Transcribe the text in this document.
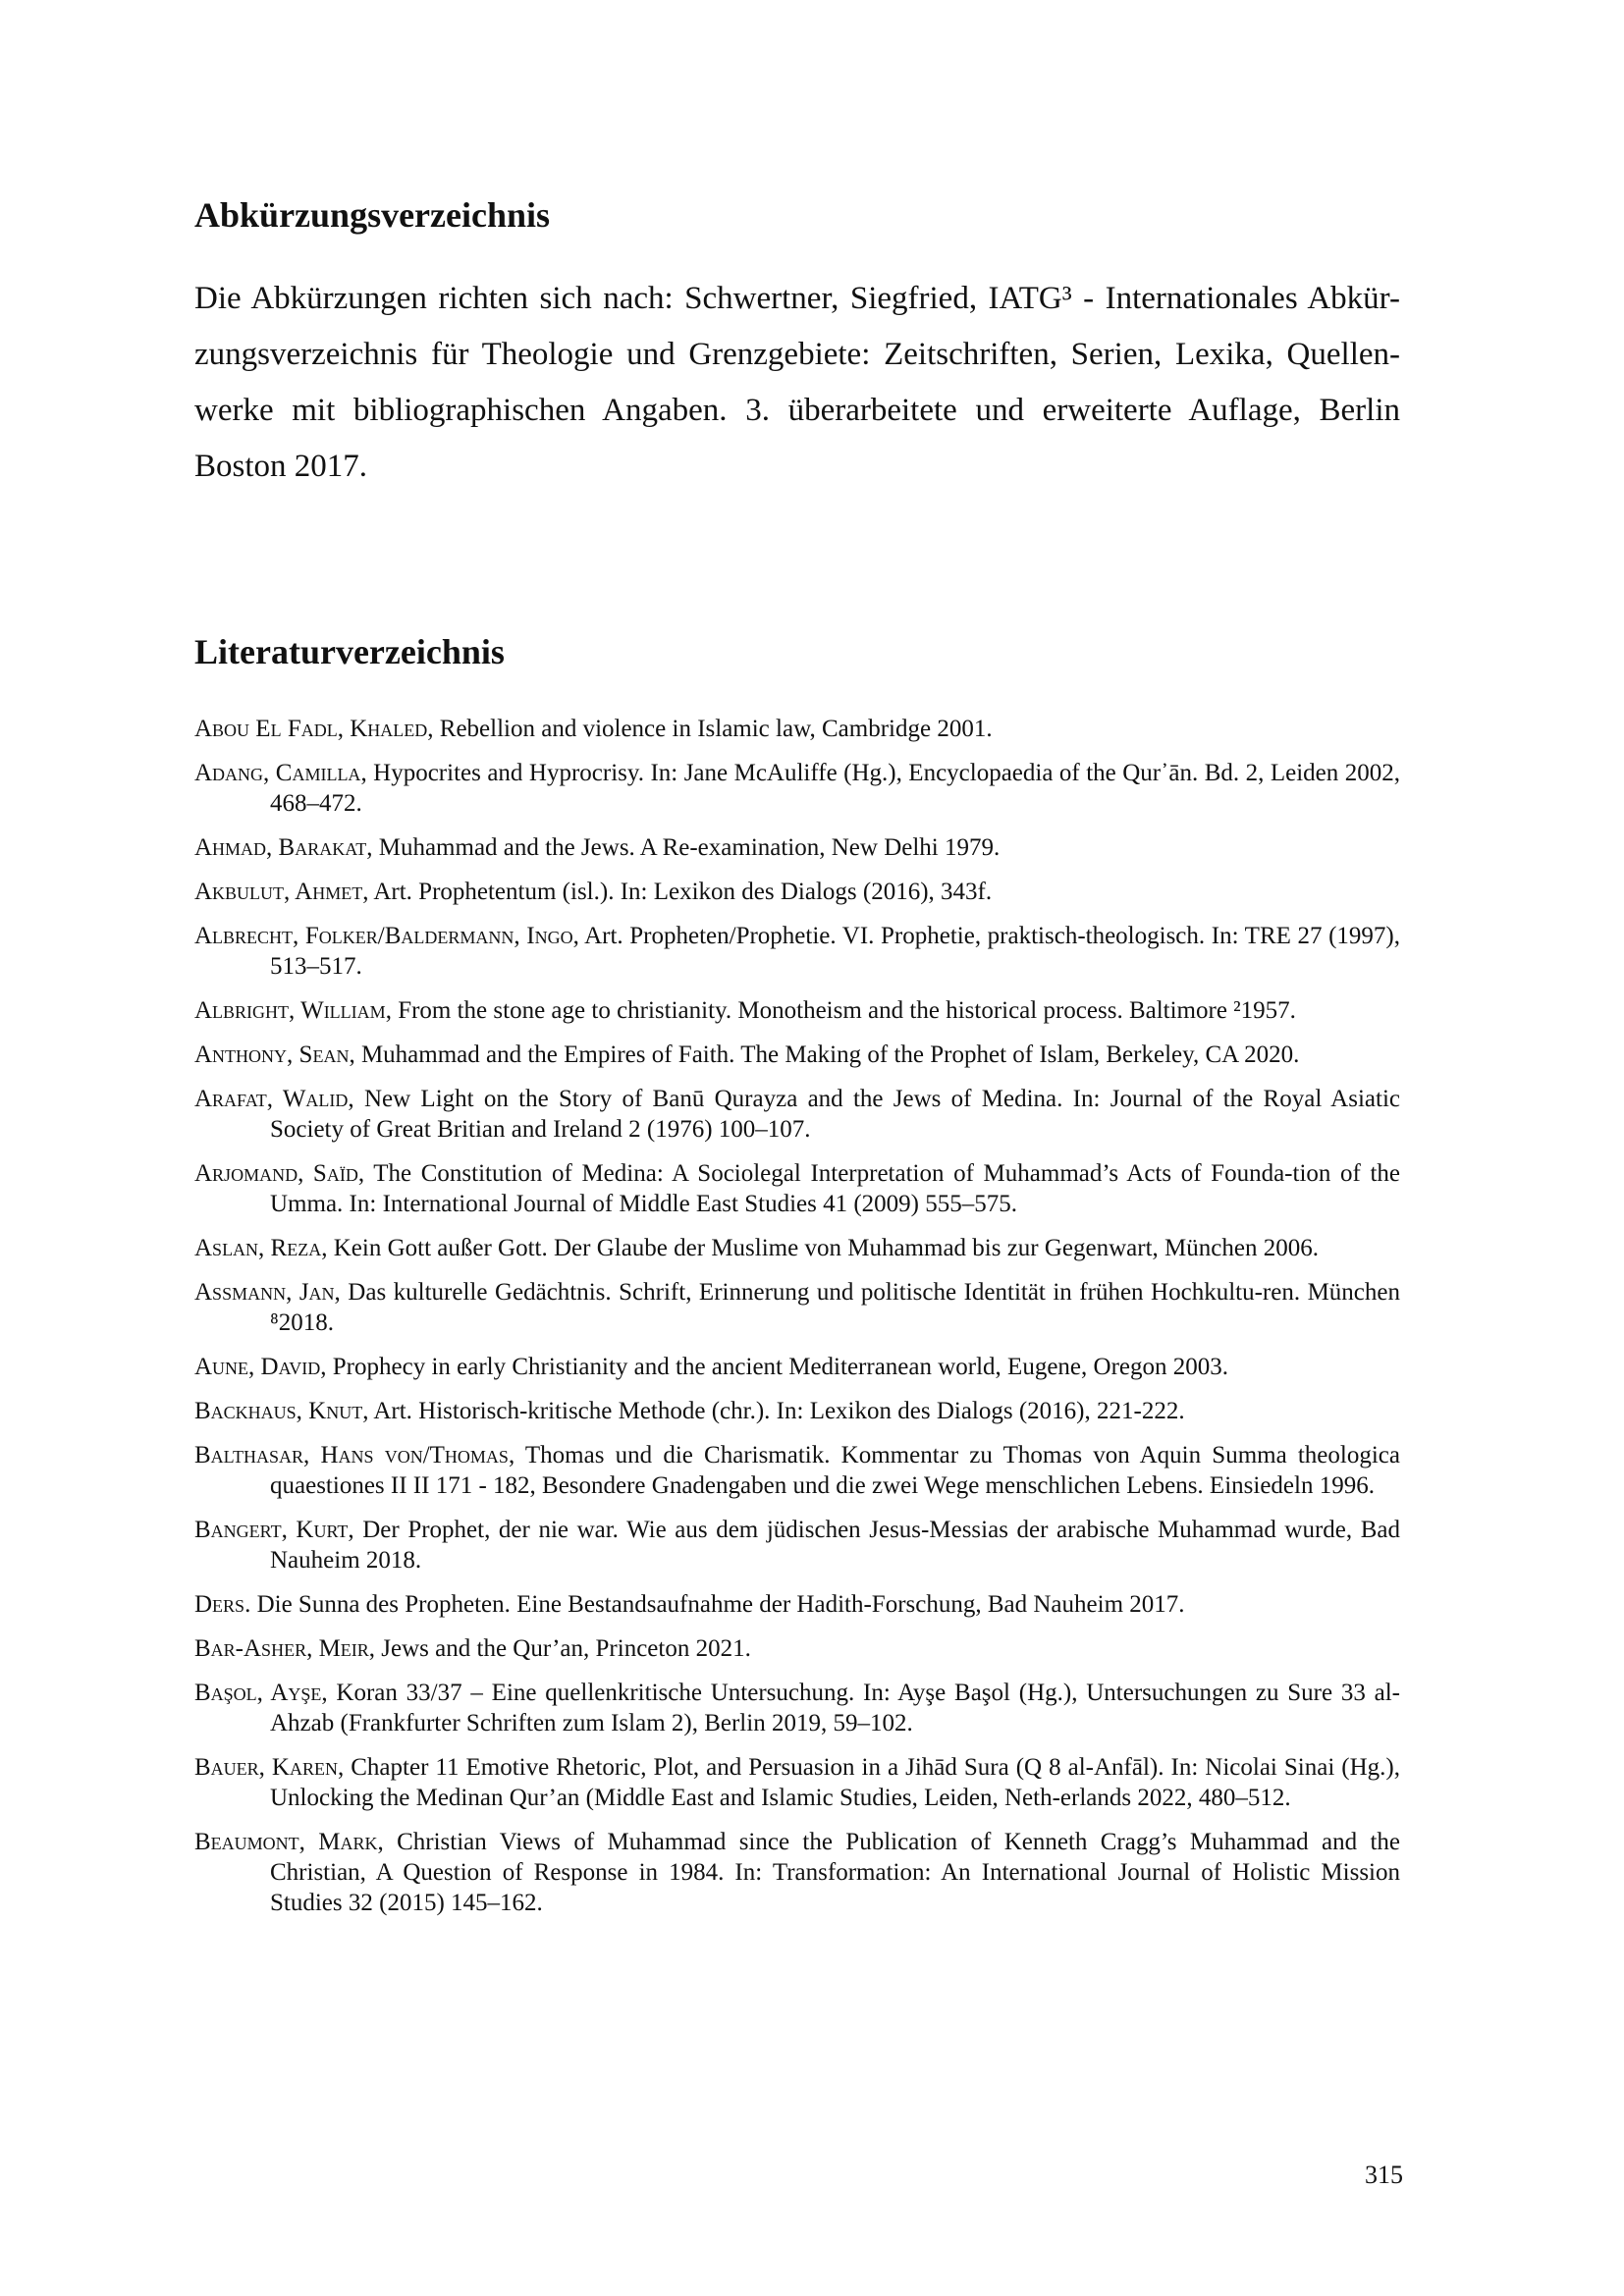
Abkürzungsverzeichnis
Die Abkürzungen richten sich nach: Schwertner, Siegfried, IATG³ - Internationales Abkür-
zungsverzeichnis für Theologie und Grenzgebiete: Zeitschriften, Serien, Lexika, Quellen-
werke mit bibliographischen Angaben. 3. überarbeitete und erweiterte Auflage, Berlin
Boston 2017.
Literaturverzeichnis

Abou El Fadl, Khaled, Rebellion and violence in Islamic law, Cambridge 2001.

Adang, Camilla, Hypocrites and Hyprocrisy. In: Jane McAuliffe (Hg.), Encyclopaedia of the Qur᾽ān. Bd. 2, Leiden 2002, 468–472.

Ahmad, Barakat, Muhammad and the Jews. A Re-examination, New Delhi 1979.

Akbulut, Ahmet, Art. Prophetentum (isl.). In: Lexikon des Dialogs (2016), 343f.

Albrecht, Folker/Baldermann, Ingo, Art. Propheten/Prophetie. VI. Prophetie, praktisch-theologisch. In: TRE 27 (1997), 513–517.

Albright, William, From the stone age to christianity. Monotheism and the historical process. Baltimore ²1957.

Anthony, Sean, Muhammad and the Empires of Faith. The Making of the Prophet of Islam, Berkeley, CA 2020.

Arafat, Walid, New Light on the Story of Banū Qurayza and the Jews of Medina. In: Journal of the Royal Asiatic Society of Great Britian and Ireland 2 (1976) 100–107.

Arjomand, Saïd, The Constitution of Medina: A Sociolegal Interpretation of Muhammad’s Acts of Founda-tion of the Umma. In: International Journal of Middle East Studies 41 (2009) 555–575.

Aslan, Reza, Kein Gott außer Gott. Der Glaube der Muslime von Muhammad bis zur Gegenwart, München 2006.

Assmann, Jan, Das kulturelle Gedächtnis. Schrift, Erinnerung und politische Identität in frühen Hochkultu-ren. München ⁸2018.

Aune, David, Prophecy in early Christianity and the ancient Mediterranean world, Eugene, Oregon 2003.

Backhaus, Knut, Art. Historisch-kritische Methode (chr.). In: Lexikon des Dialogs (2016), 221-222.

Balthasar, Hans von/Thomas, Thomas und die Charismatik. Kommentar zu Thomas von Aquin Summa theologica quaestiones II II 171 - 182, Besondere Gnadengaben und die zwei Wege menschlichen Lebens. Einsiedeln 1996.

Bangert, Kurt, Der Prophet, der nie war. Wie aus dem jüdischen Jesus-Messias der arabische Muhammad wurde, Bad Nauheim 2018.

Ders. Die Sunna des Propheten. Eine Bestandsaufnahme der Hadith-Forschung, Bad Nauheim 2017.

Bar-Asher, Meir, Jews and the Qur’an, Princeton 2021.

Başol, Ayşe, Koran 33/37 – Eine quellenkritische Untersuchung. In: Ayşe Başol (Hg.), Untersuchungen zu Sure 33 al-Ahzab (Frankfurter Schriften zum Islam 2), Berlin 2019, 59–102.

Bauer, Karen, Chapter 11 Emotive Rhetoric, Plot, and Persuasion in a Jihād Sura (Q 8 al-Anfāl). In: Nicolai Sinai (Hg.), Unlocking the Medinan Qur’an (Middle East and Islamic Studies, Leiden, Neth-erlands 2022, 480–512.

Beaumont, Mark, Christian Views of Muhammad since the Publication of Kenneth Cragg’s Muhammad and the Christian, A Question of Response in 1984. In: Transformation: An International Journal of Holistic Mission Studies 32 (2015) 145–162.

315
